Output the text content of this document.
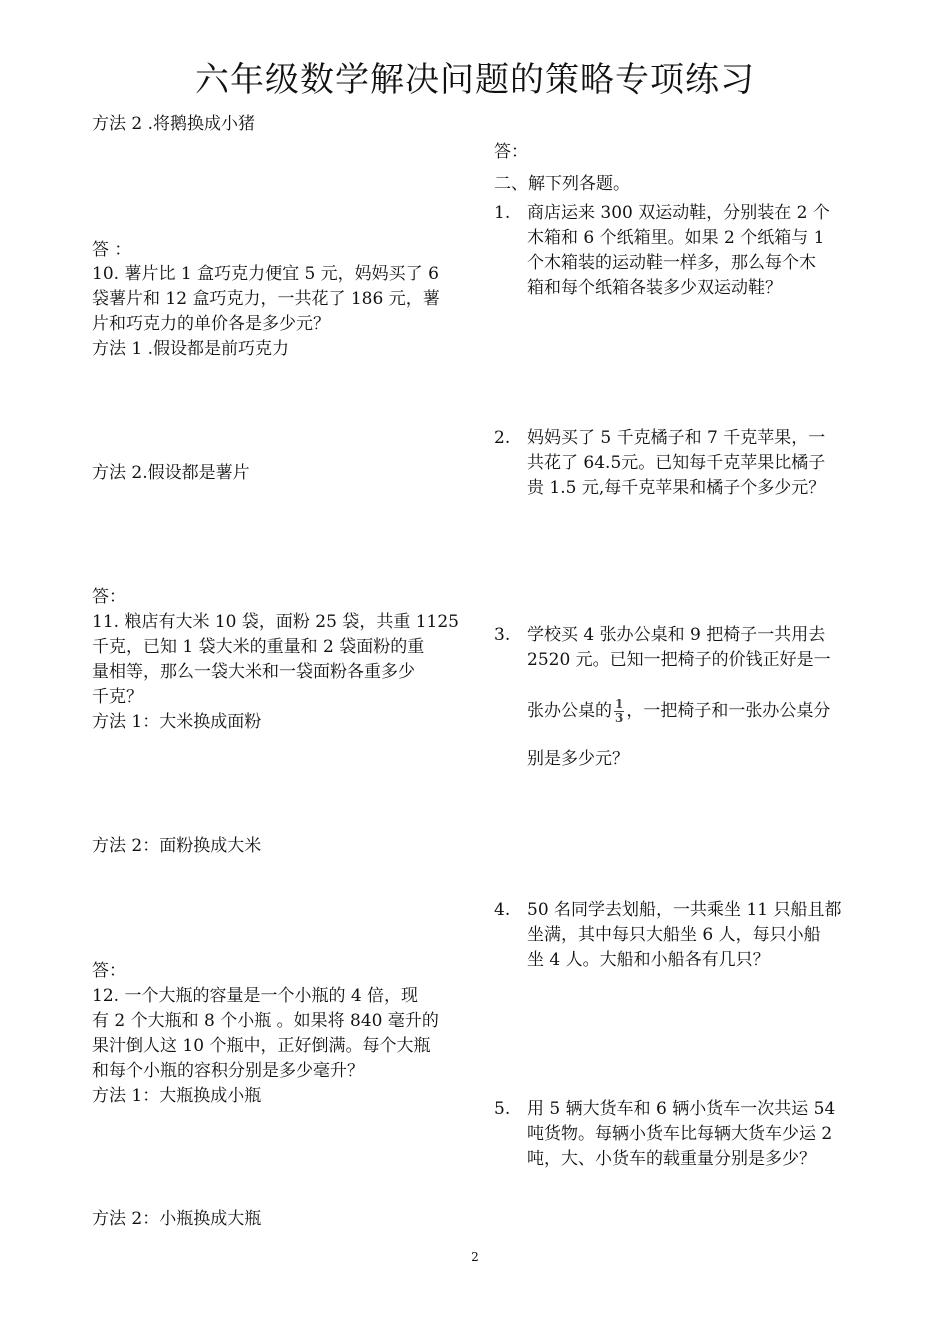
六年级数学解决问题的策略专项练习
方法 2 .将鹅换成小猪
答 ：
10. 薯片比 1 盒巧克力便宜 5 元，妈妈买了 6
袋薯片和 12 盒巧克力，一共花了 186 元，薯
片和巧克力的单价各是多少元？
方法 1 .假设都是前巧克力
方法 2.假设都是薯片
答：
11. 粮店有大米 10 袋，面粉 25 袋，共重 1125
千克，已知 1 袋大米的重量和 2 袋面粉的重
量相等，那么一袋大米和一袋面粉各重多少
千克？
方法 1：大米换成面粉
方法 2：面粉换成大米
答：
12. 一个大瓶的容量是一个小瓶的 4 倍，现
有 2 个大瓶和 8 个小瓶 。如果将 840 毫升的
果汁倒人这 10 个瓶中，正好倒满。每个大瓶
和每个小瓶的容积分别是多少毫升？
方法 1：大瓶换成小瓶
方法 2：小瓶换成大瓶
答：
二、解下列各题。
1. 商店运来 300 双运动鞋，分别装在 2 个
木箱和 6 个纸箱里。如果 2 个纸箱与 1
个木箱装的运动鞋一样多，那么每个木
箱和每个纸箱各装多少双运动鞋？
2. 妈妈买了 5 千克橘子和 7 千克苹果，一
共花了 64.5元。已知每千克苹果比橘子
贵 1.5 元,每千克苹果和橘子个多少元？
3. 学校买 4 张办公桌和 9 把椅子一共用去
2520 元。已知一把椅子的价钱正好是一
张办公桌的 $\frac{1}{3}$ ，一把椅子和一张办公桌分
别是多少元？
4. 50 名同学去划船，一共乘坐 11 只船且都
坐满，其中每只大船坐 6 人，每只小船
坐 4 人。大船和小船各有几只？
5. 用 5 辆大货车和 6 辆小货车一次共运 54
吨货物。每辆小货车比每辆大货车少运 2
吨，大、小货车的载重量分别是多少？
2
